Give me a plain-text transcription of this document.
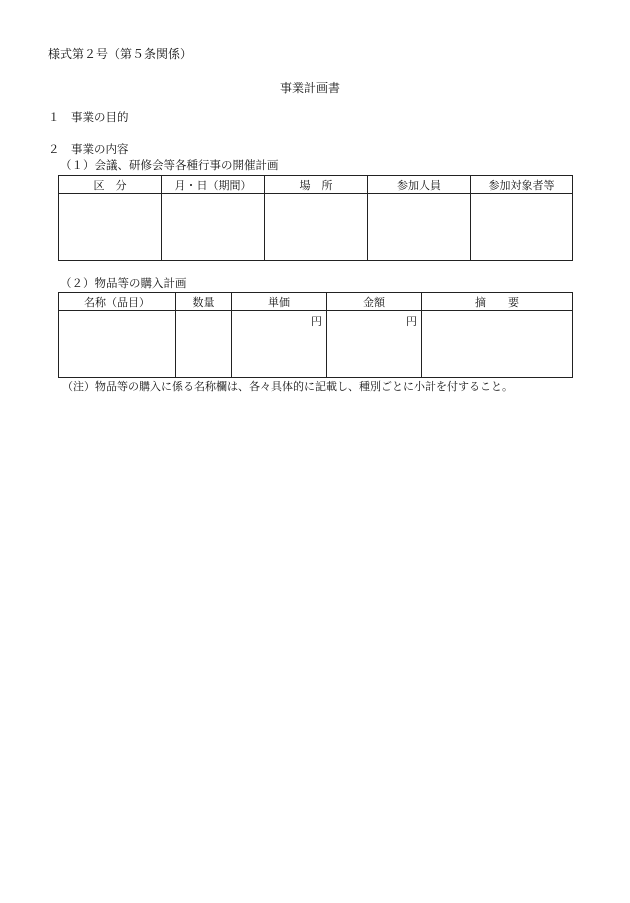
様式第２号（第５条関係）
事業計画書
１　事業の目的
２　事業の内容
（１）会議、研修会等各種行事の開催計画
区　分	月・日（期間）	場　所	参加人員	参加対象者等

（２）物品等の購入計画
名称（品目）	数量	単価	金額	摘　　要
		円	円	
（注）物品等の購入に係る名称欄は、各々具体的に記載し、種別ごとに小計を付すること。
